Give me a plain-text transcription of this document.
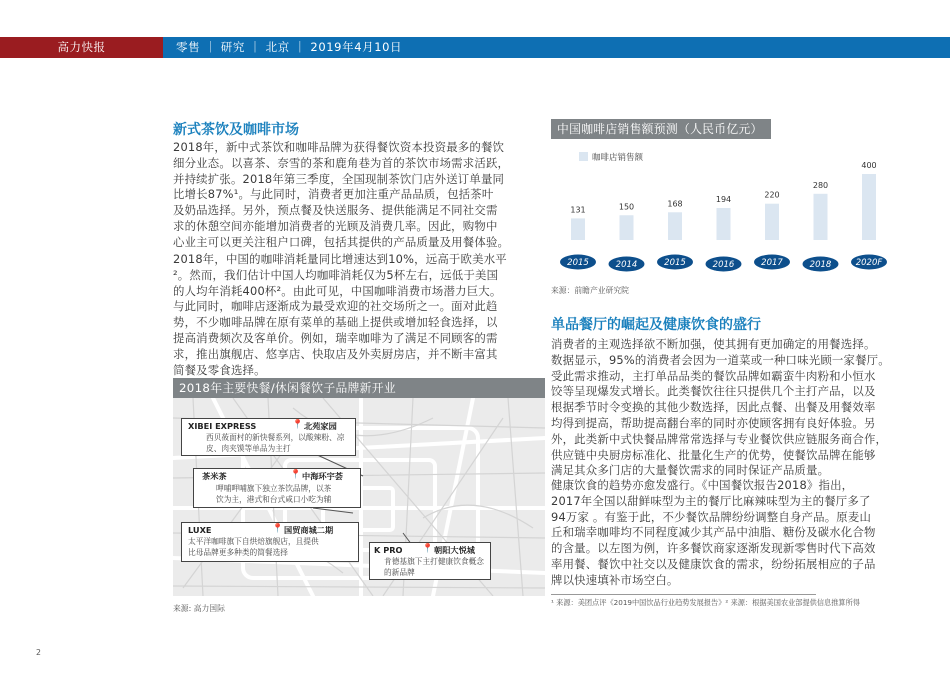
高力快报	零售 ｜ 研究 ｜ 北京 ｜ 2019年4月10日
新式茶饮及咖啡市场
2018年，新中式茶饮和咖啡品牌为获得餐饮资本投资最多的餐饮
细分业态。以喜茶、奈雪的茶和鹿角巷为首的茶饮市场需求活跃，
并持续扩张。2018年第三季度，全国现制茶饮门店外送订单量同
比增长87%¹。与此同时，消费者更加注重产品品质，包括茶叶
及奶品选择。另外，预点餐及快送服务、提供能满足不同社交需
求的休憩空间亦能增加消费者的光顾及消费几率。因此，购物中
心业主可以更关注租户口碑，包括其提供的产品质量及用餐体验。
2018年，中国的咖啡消耗量同比增速达到10%，远高于欧美水平
²。然而，我们估计中国人均咖啡消耗仅为5杯左右，远低于美国
的人均年消耗400杯²。由此可见，中国咖啡消费市场潜力巨大。
与此同时，咖啡店逐渐成为最受欢迎的社交场所之一。面对此趋
势，不少咖啡品牌在原有菜单的基础上提供或增加轻食选择，以
提高消费频次及客单价。例如，瑞幸咖啡为了满足不同顾客的需
求，推出旗舰店、悠享店、快取店及外卖厨房店，并不断丰富其
简餐及零食选择。
2018年主要快餐/休闲餐饮子品牌新开业
XIBEI EXPRESS	📍 北苑家园
西贝莜面村的新快餐系列，以酸辣粉、凉
皮、肉夹馍等单品为主打
茶米茶	📍 中海环宇荟
呷哺呷哺旗下独立茶饮品牌，以茶
饮为主，港式和台式咸口小吃为辅
LUXE	📍 国贸商城二期
太平洋咖啡旗下自烘焙旗舰店，且提供
比母品牌更多种类的简餐选择	K PRO 📍 朝阳大悦城
肯德基旗下主打健康饮食概念
的新品牌
来源: 高力国际
2
中国咖啡店销售额预测（人民币亿元）
咖啡店销售额
131
2015
150
2014
168
2015
194
2016
220
2017
280
2018
400
2020F
来源：前瞻产业研究院
单品餐厅的崛起及健康饮食的盛行
消费者的主观选择欲不断加强，使其拥有更加确定的用餐选择。
数据显示，95%的消费者会因为一道菜或一种口味光顾一家餐厅。
受此需求推动，主打单品品类的餐饮品牌如霸蛮牛肉粉和小恒水
饺等呈现爆发式增长。此类餐饮往往只提供几个主打产品，以及
根据季节时令变换的其他少数选择，因此点餐、出餐及用餐效率
均得到提高，帮助提高翻台率的同时亦使顾客拥有良好体验。另
外，此类新中式快餐品牌常常选择与专业餐饮供应链服务商合作，
供应链中央厨房标准化、批量化生产的优势，使餐饮品牌在能够
满足其众多门店的大量餐饮需求的同时保证产品质量。
健康饮食的趋势亦愈发盛行。《中国餐饮报告2018》指出，
2017年全国以甜鲜味型为主的餐厅比麻辣味型为主的餐厅多了
94万家 。有鉴于此，不少餐饮品牌纷纷调整自身产品。原麦山
丘和瑞幸咖啡均不同程度减少其产品中油脂、糖份及碳水化合物
的含量。以左图为例，许多餐饮商家逐渐发现新零售时代下高效
率用餐、餐饮中社交以及健康饮食的需求，纷纷拓展相应的子品
牌以快速填补市场空白。
¹ 来源：美团点评《2019中国饮品行业趋势发展报告》² 来源：根据美国农业部提供信息推算所得
